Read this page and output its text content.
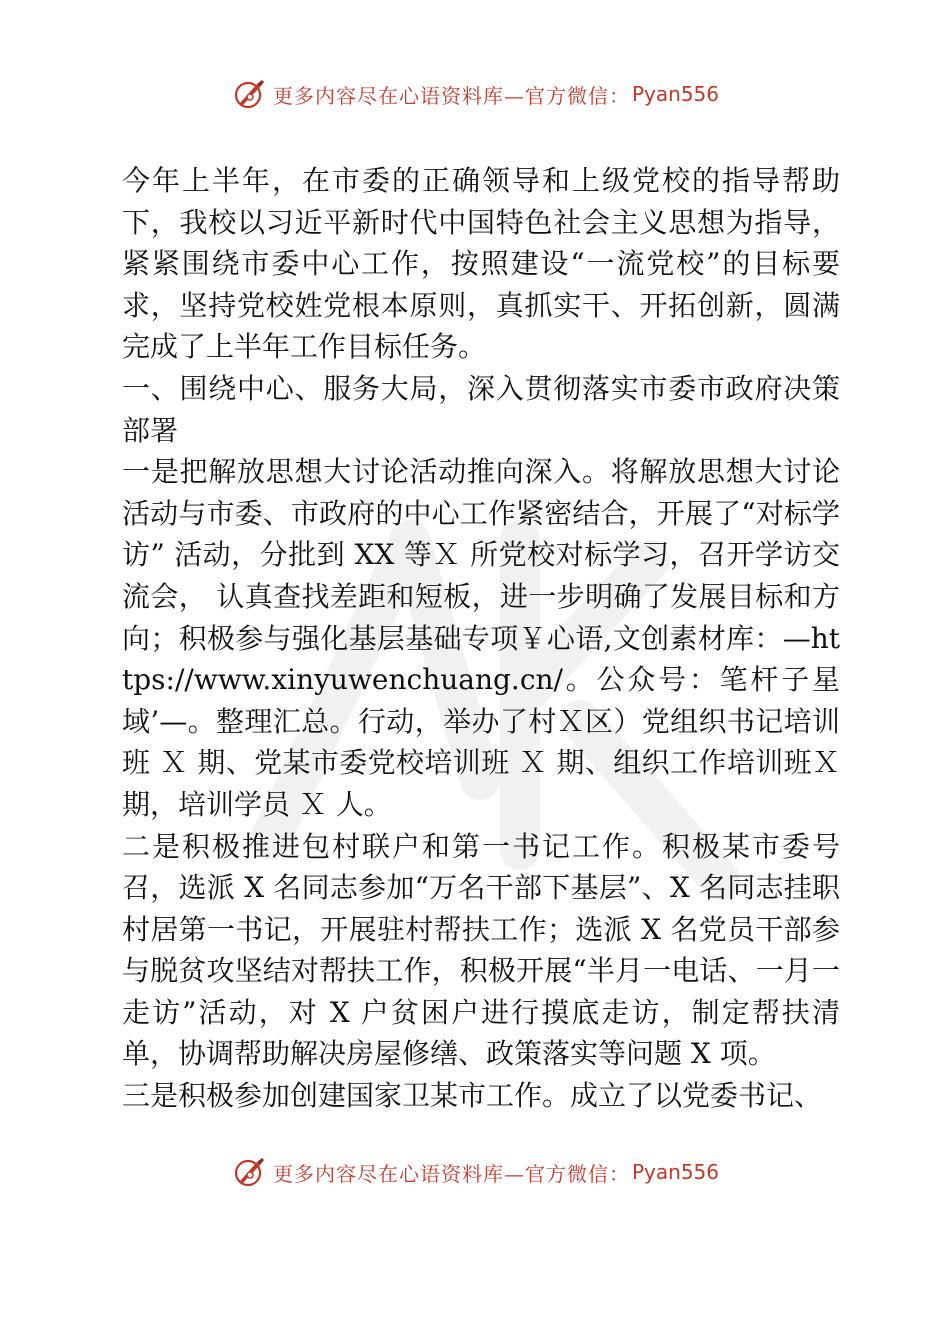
更多内容尽在心语资料库—官方微信： Pyan556

今年上半年，在市委的正确领导和上级党校的指导帮助下，我校以习近平新时代中国特色社会主义思想为指导，紧紧围绕市委中心工作，按照建设“一流党校”的目标要求，坚持党校姓党根本原则，真抓实干、开拓创新，圆满完成了上半年工作目标任务。

一、围绕中心、服务大局，深入贯彻落实市委市政府决策部署

一是把解放思想大讨论活动推向深入。将解放思想大讨论活动与市委、市政府的中心工作紧密结合，开展了“对标学访” 活动，分批到 XX 等Ｘ 所党校对标学习，召开学访交流会， 认真查找差距和短板，进一步明确了发展目标和方向；积极参与强化基层基础专项￥心语,文创素材库：—https://www.xinyuwenchuang.cn/。公众号：笔杆子星域’—。整理汇总。行动，举办了村Ｘ区）党组织书记培训班 Ｘ 期、党某市委党校培训班 Ｘ 期、组织工作培训班Ｘ 期，培训学员 Ｘ 人。

二是积极推进包村联户和第一书记工作。积极某市委号召，选派 X 名同志参加“万名干部下基层”、X 名同志挂职村居第一书记，开展驻村帮扶工作；选派 X 名党员干部参与脱贫攻坚结对帮扶工作，积极开展“半月一电话、一月一走访”活动，对 X 户贫困户进行摸底走访，制定帮扶清单，协调帮助解决房屋修缮、政策落实等问题 X 项。

三是积极参加创建国家卫某市工作。成立了以党委书记、

更多内容尽在心语资料库—官方微信： Pyan556
